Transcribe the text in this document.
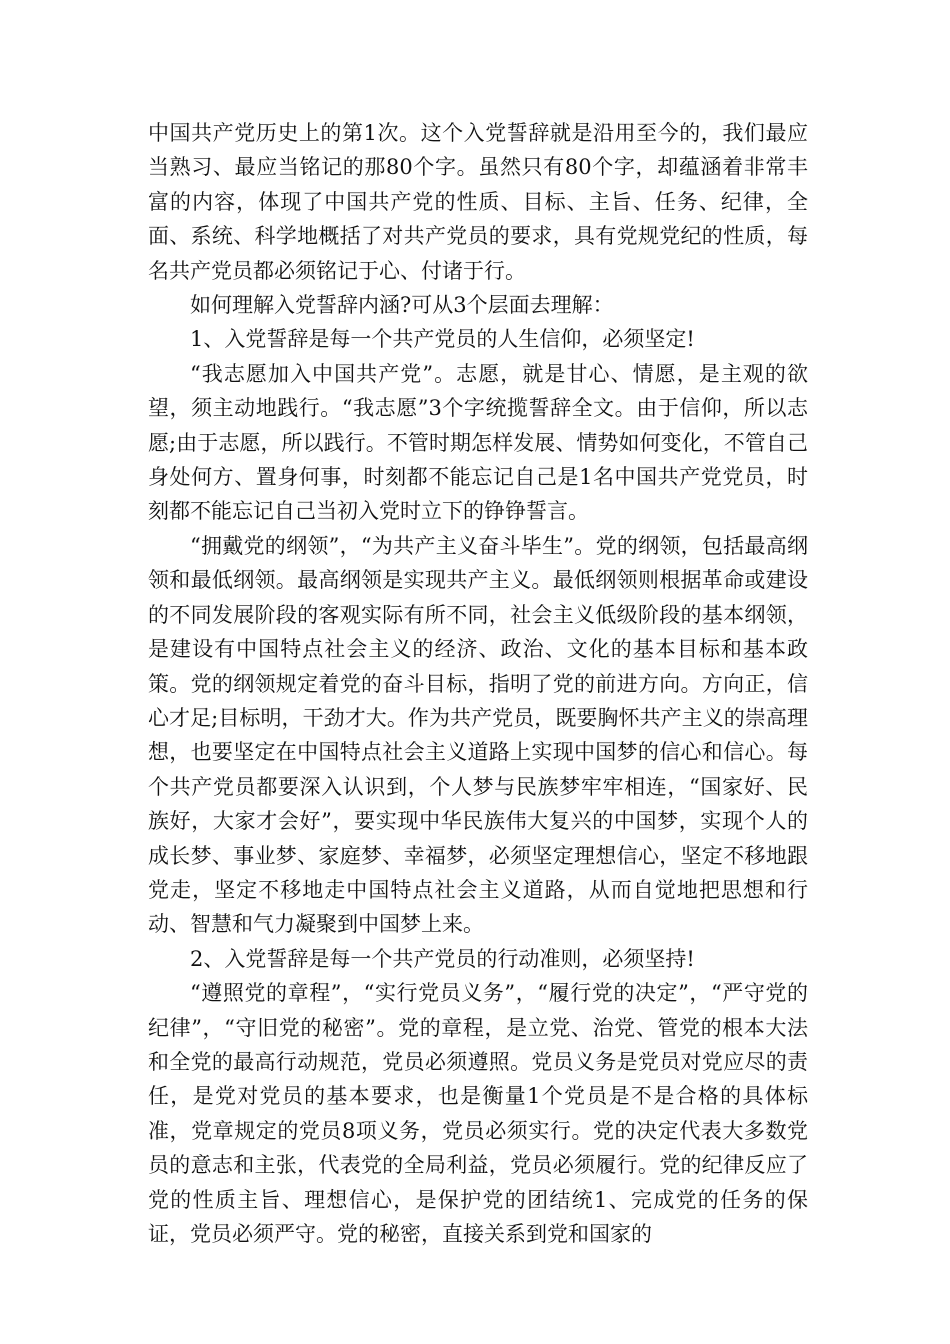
中国共产党历史上的第1次。这个入党誓辞就是沿用至今的，我们最应当熟习、最应当铭记的那80个字。虽然只有80个字，却蕴涵着非常丰富的内容，体现了中国共产党的性质、目标、主旨、任务、纪律，全面、系统、科学地概括了对共产党员的要求，具有党规党纪的性质，每名共产党员都必须铭记于心、付诸于行。

如何理解入党誓辞内涵?可从3个层面去理解：

1、入党誓辞是每一个共产党员的人生信仰，必须坚定!

“我志愿加入中国共产党”。志愿，就是甘心、情愿，是主观的欲望，须主动地践行。“我志愿”3个字统揽誓辞全文。由于信仰，所以志愿;由于志愿，所以践行。不管时期怎样发展、情势如何变化，不管自己身处何方、置身何事，时刻都不能忘记自己是1名中国共产党党员，时刻都不能忘记自己当初入党时立下的铮铮誓言。

“拥戴党的纲领”，“为共产主义奋斗毕生”。党的纲领，包括最高纲领和最低纲领。最高纲领是实现共产主义。最低纲领则根据革命或建设的不同发展阶段的客观实际有所不同，社会主义低级阶段的基本纲领，是建设有中国特点社会主义的经济、政治、文化的基本目标和基本政策。党的纲领规定着党的奋斗目标，指明了党的前进方向。方向正，信心才足;目标明，干劲才大。作为共产党员，既要胸怀共产主义的崇高理想，也要坚定在中国特点社会主义道路上实现中国梦的信心和信心。每个共产党员都要深入认识到，个人梦与民族梦牢牢相连，“国家好、民族好，大家才会好”，要实现中华民族伟大复兴的中国梦，实现个人的成长梦、事业梦、家庭梦、幸福梦，必须坚定理想信心，坚定不移地跟党走，坚定不移地走中国特点社会主义道路，从而自觉地把思想和行动、智慧和气力凝聚到中国梦上来。

2、入党誓辞是每一个共产党员的行动准则，必须坚持!

“遵照党的章程”，“实行党员义务”，“履行党的决定”，“严守党的纪律”，“守旧党的秘密”。党的章程，是立党、治党、管党的根本大法和全党的最高行动规范，党员必须遵照。党员义务是党员对党应尽的责任，是党对党员的基本要求，也是衡量1个党员是不是合格的具体标准，党章规定的党员8项义务，党员必须实行。党的决定代表大多数党员的意志和主张，代表党的全局利益，党员必须履行。党的纪律反应了党的性质主旨、理想信心，是保护党的团结统1、完成党的任务的保证，党员必须严守。党的秘密，直接关系到党和国家的
